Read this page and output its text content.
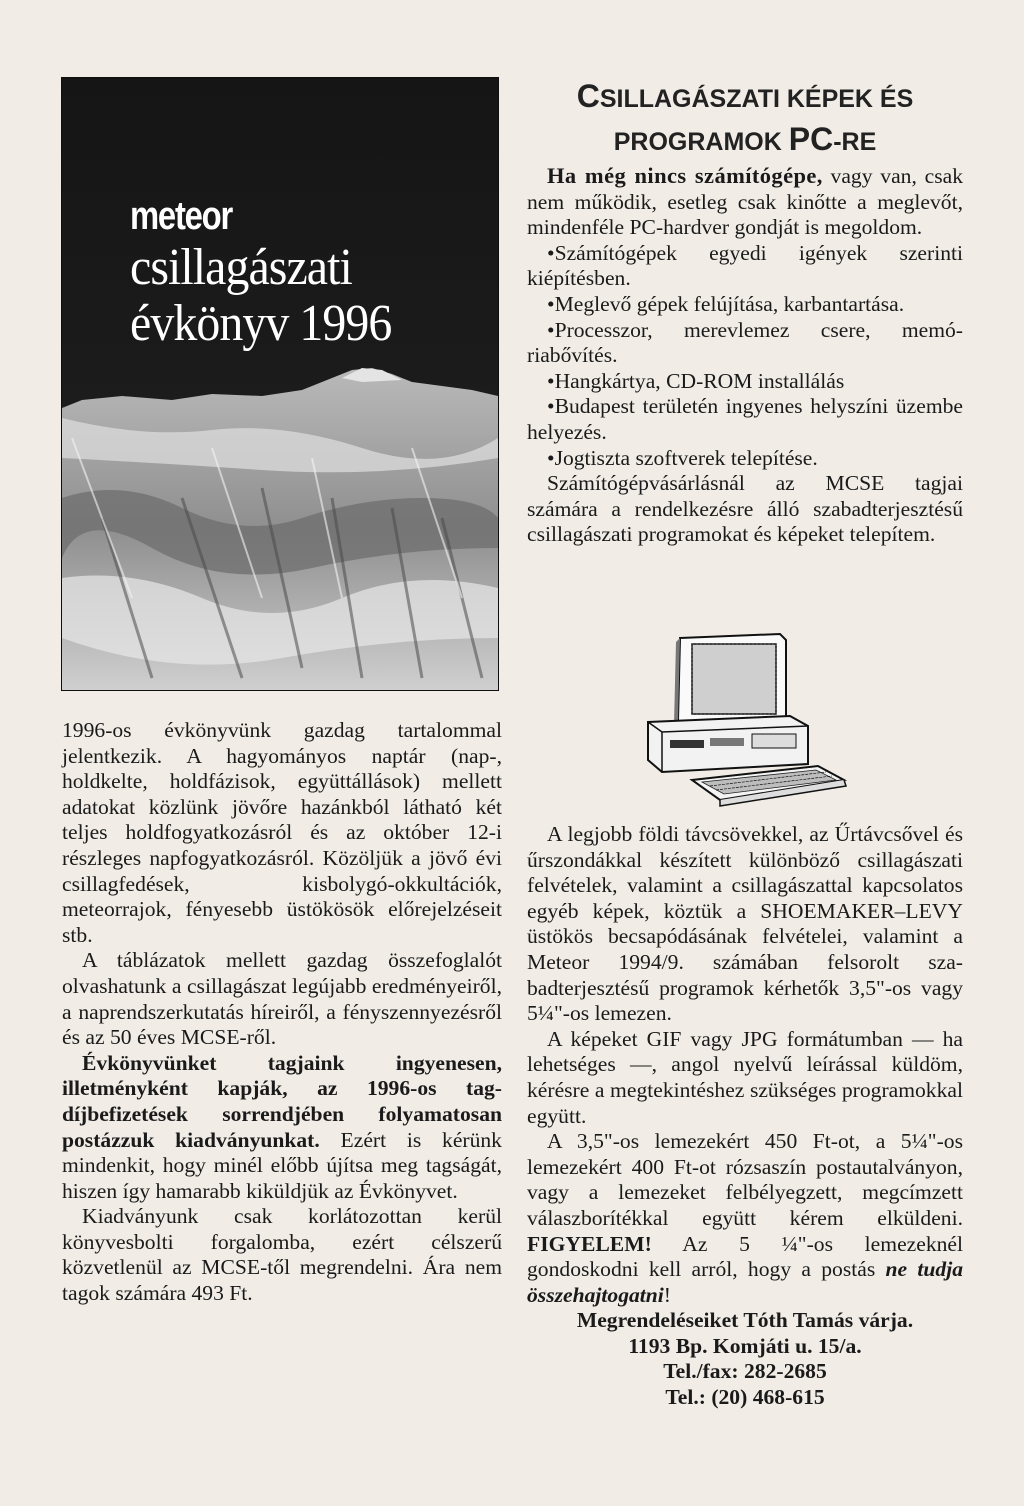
meteor
csillagászati
évkönyv 1996
CSILLAGÁSZATI KÉPEK ÉS
PROGRAMOK PC-RE

Ha még nincs számítógépe, vagy van, csak nem működik, esetleg csak kinőtte a meglevőt, mindenféle PC-hardver gondját is megoldom.

• Számítógépek egyedi igények szerinti kiépítésben.

• Meglevő gépek felújítása, karbantartása.

• Processzor, merevlemez csere, memóriabővítés.

• Hangkártya, CD-ROM installálás

• Budapest területén ingyenes helyszíni üzembe helyezés.

• Jogtiszta szoftverek telepítése.

Számítógépvásárlásnál az MCSE tagjai számára a rendelkezésre álló szabadterjesztésű csillagászati programokat és képeket telepítem.

1996-os évkönyvünk gazdag tartalommal jelentkezik. A hagyományos naptár (nap-, holdkelte, holdfázisok, együttállások) mellett adatokat közlünk jövőre hazánkból látható két teljes holdfogyatkozásról és az október 12-i részleges napfogyatkozásról. Közöljük a jövő évi csillagfedések, kisbolygó-okkultációk, meteorrajok, fényesebb üstökösök előrejelzéseit stb.

A táblázatok mellett gazdag összefoglalót olvashatunk a csillagászat legújabb eredményeiről, a naprendszerkutatás híreiről, a fényszennyezésről és az 50 éves MCSE-ről.

Évkönyvünket tagjaink ingyenesen, illetményként kapják, az 1996-os tagdíjbefizetések sorrendjében folyamatosan postázzuk kiadványunkat. Ezért is kérünk mindenkit, hogy minél előbb újítsa meg tagságát, hiszen így hamarabb kiküldjük az Évkönyvet.

Kiadványunk csak korlátozottan kerül könyvesbolti forgalomba, ezért célszerű közvetlenül az MCSE-től megrendelni. Ára nem tagok számára 493 Ft.

A legjobb földi távcsövekkel, az Űrtávcsővel és űrszondákkal készített különböző csillagászati felvételek, valamint a csillagászattal kapcsolatos egyéb képek, köztük a SHOEMAKER–LEVY üstökös becsapódásának felvételei, valamint a Meteor 1994/9. számában felsorolt szabadterjesztésű programok kérhetők 3,5"-os vagy 5¼"-os lemezen.

A képeket GIF vagy JPG formátumban — ha lehetséges —, angol nyelvű leírással küldöm, kérésre a megtekintéshez szükséges programokkal együtt.

A 3,5"-os lemezekért 450 Ft-ot, a 5¼"-os lemezekért 400 Ft-ot rózsaszín postautalványon, vagy a lemezeket felbélyegzett, megcímzett válaszborítékkal együtt kérem elküldeni. FIGYELEM! Az 5 ¼"-os lemezeknél gondoskodni kell arról, hogy a postás ne tudja összehajtogatni!

Megrendeléseiket Tóth Tamás várja.

1193 Bp. Komjáti u. 15/a.

Tel./fax: 282-2685

Tel.: (20) 468-615
